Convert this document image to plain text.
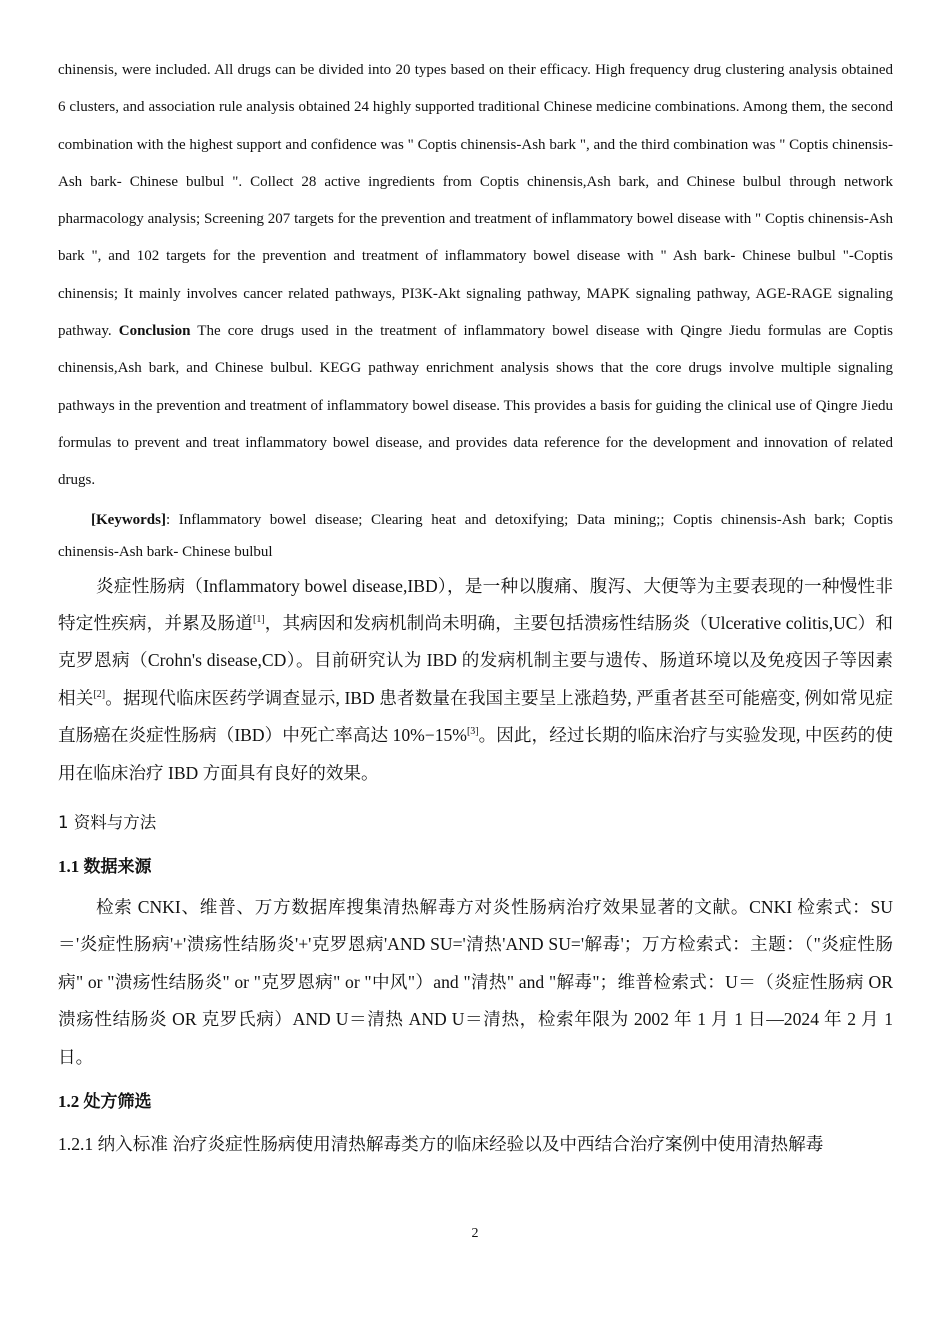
chinensis, were included. All drugs can be divided into 20 types based on their efficacy. High frequency drug clustering analysis obtained 6 clusters, and association rule analysis obtained 24 highly supported traditional Chinese medicine combinations. Among them, the second combination with the highest support and confidence was " Coptis chinensis-Ash bark ", and the third combination was " Coptis chinensis-Ash bark- Chinese bulbul ". Collect 28 active ingredients from Coptis chinensis,Ash bark, and Chinese bulbul through network pharmacology analysis; Screening 207 targets for the prevention and treatment of inflammatory bowel disease with " Coptis chinensis-Ash bark ", and 102 targets for the prevention and treatment of inflammatory bowel disease with " Ash bark- Chinese bulbul "-Coptis chinensis; It mainly involves cancer related pathways, PI3K-Akt signaling pathway, MAPK signaling pathway, AGE-RAGE signaling pathway. Conclusion The core drugs used in the treatment of inflammatory bowel disease with Qingre Jiedu formulas are Coptis chinensis,Ash bark, and Chinese bulbul. KEGG pathway enrichment analysis shows that the core drugs involve multiple signaling pathways in the prevention and treatment of inflammatory bowel disease. This provides a basis for guiding the clinical use of Qingre Jiedu formulas to prevent and treat inflammatory bowel disease, and provides data reference for the development and innovation of related drugs.

[Keywords]: Inflammatory bowel disease; Clearing heat and detoxifying; Data mining;; Coptis chinensis-Ash bark; Coptis chinensis-Ash bark- Chinese bulbul

炎症性肠病（Inflammatory bowel disease,IBD），是一种以腹痛、腹泻、大便等为主要表现的一种慢性非特定性疾病，并累及肠道[1]，其病因和发病机制尚未明确，主要包括溃疡性结肠炎（Ulcerative colitis,UC）和克罗恩病（Crohn's disease,CD）。目前研究认为 IBD 的发病机制主要与遗传、肠道环境以及免疫因子等因素相关[2]。据现代临床医药学调查显示, IBD 患者数量在我国主要呈上涨趋势, 严重者甚至可能癌变, 例如常见症直肠癌在炎症性肠病（IBD）中死亡率高达 10%−15%[3]。因此，经过长期的临床治疗与实验发现, 中医药的使用在临床治疗 IBD 方面具有良好的效果。

1 资料与方法
1.1 数据来源

检索 CNKI、维普、万方数据库搜集清热解毒方对炎性肠病治疗效果显著的文献。CNKI 检索式：SU＝'炎症性肠病'+'溃疡性结肠炎'+'克罗恩病'AND SU='清热'AND SU='解毒'；万方检索式：主题：（"炎症性肠病" or "溃疡性结肠炎" or "克罗恩病" or "中风"）and "清热" and "解毒"；维普检索式：U＝（炎症性肠病 OR 溃疡性结肠炎 OR 克罗氏病）AND U＝清热 AND U＝清热，检索年限为 2002 年 1 月 1 日—2024 年 2 月 1 日。

1.2 处方筛选

1.2.1 纳入标准 治疗炎症性肠病使用清热解毒类方的临床经验以及中西结合治疗案例中使用清热解毒

2
